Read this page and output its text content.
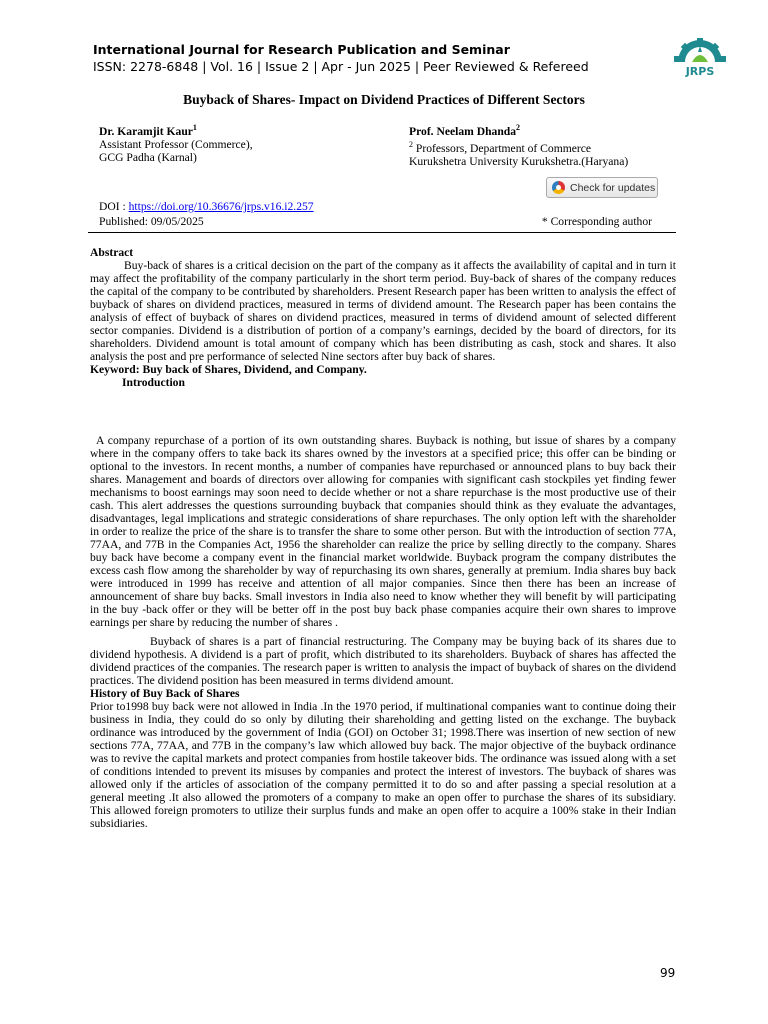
International Journal for Research Publication and Seminar
ISSN: 2278-6848 | Vol. 16 | Issue 2 | Apr - Jun 2025 | Peer Reviewed & Refereed	JRPS
Buyback of Shares- Impact on Dividend Practices of Different Sectors
Dr. Karamjit Kaur$^1$
Assistant Professor (Commerce),
GCG Padha (Karnal)
Prof. Neelam Dhanda$^2$
$^2$ Professors, Department of Commerce
Kurukshetra University Kurukshetra.(Haryana)
Check for updates
DOI : https://doi.org/10.36676/jrps.v16.i2.257
Published: 09/05/2025	* Corresponding author
Abstract
Buy-back of shares is a critical decision on the part of the company as it affects the availability of capital and in turn it may affect the profitability of the company particularly in the short term period. Buy-back of shares of the company reduces the capital of the company to be contributed by shareholders. Present Research paper has been written to analysis the effect of buyback of shares on dividend practices, measured in terms of dividend amount. The Research paper has been contains the analysis of effect of buyback of shares on dividend practices, measured in terms of dividend amount of selected different sector companies. Dividend is a distribution of portion of a company’s earnings, decided by the board of directors, for its shareholders. Dividend amount is total amount of company which has been distributing as cash, stock and shares. It also analysis the post and pre performance of selected Nine sectors after buy back of shares.
Keyword: Buy back of Shares, Dividend, and Company.
Introduction
A company repurchase of a portion of its own outstanding shares. Buyback is nothing, but issue of shares by a company where in the company offers to take back its shares owned by the investors at a specified price; this offer can be binding or optional to the investors. In recent months, a number of companies have repurchased or announced plans to buy back their shares. Management and boards of directors over allowing for companies with significant cash stockpiles yet finding fewer mechanisms to boost earnings may soon need to decide whether or not a share repurchase is the most productive use of their cash. This alert addresses the questions surrounding buyback that companies should think as they evaluate the advantages, disadvantages, legal implications and strategic considerations of share repurchases. The only option left with the shareholder in order to realize the price of the share is to transfer the share to some other person. But with the introduction of section 77A, 77AA, and 77B in the Companies Act, 1956 the shareholder can realize the price by selling directly to the company. Shares buy back have become a company event in the financial market worldwide. Buyback program the company distributes the excess cash flow among the shareholder by way of repurchasing its own shares, generally at premium. India shares buy back were introduced in 1999 has receive and attention of all major companies. Since then there has been an increase of announcement of share buy backs. Small investors in India also need to know whether they will benefit by will participating in the buy -back offer or they will be better off in the post buy back phase companies acquire their own shares to improve earnings per share by reducing the number of shares .
Buyback of shares is a part of financial restructuring. The Company may be buying back of its shares due to dividend hypothesis. A dividend is a part of profit, which distributed to its shareholders. Buyback of shares has affected the dividend practices of the companies. The research paper is written to analysis the impact of buyback of shares on the dividend practices. The dividend position has been measured in terms dividend amount.
History of Buy Back of Shares
Prior to1998 buy back were not allowed in India .In the 1970 period, if multinational companies want to continue doing their business in India, they could do so only by diluting their shareholding and getting listed on the exchange. The buyback ordinance was introduced by the government of India (GOI) on October 31; 1998.There was insertion of new section of new sections 77A, 77AA, and 77B in the company’s law which allowed buy back. The major objective of the buyback ordinance was to revive the capital markets and protect companies from hostile takeover bids. The ordinance was issued along with a set of conditions intended to prevent its misuses by companies and protect the interest of investors. The buyback of shares was allowed only if the articles of association of the company permitted it to do so and after passing a special resolution at a general meeting .It also allowed the promoters of a company to make an open offer to purchase the shares of its subsidiary. This allowed foreign promoters to utilize their surplus funds and make an open offer to acquire a 100% stake in their Indian subsidiaries.
99
